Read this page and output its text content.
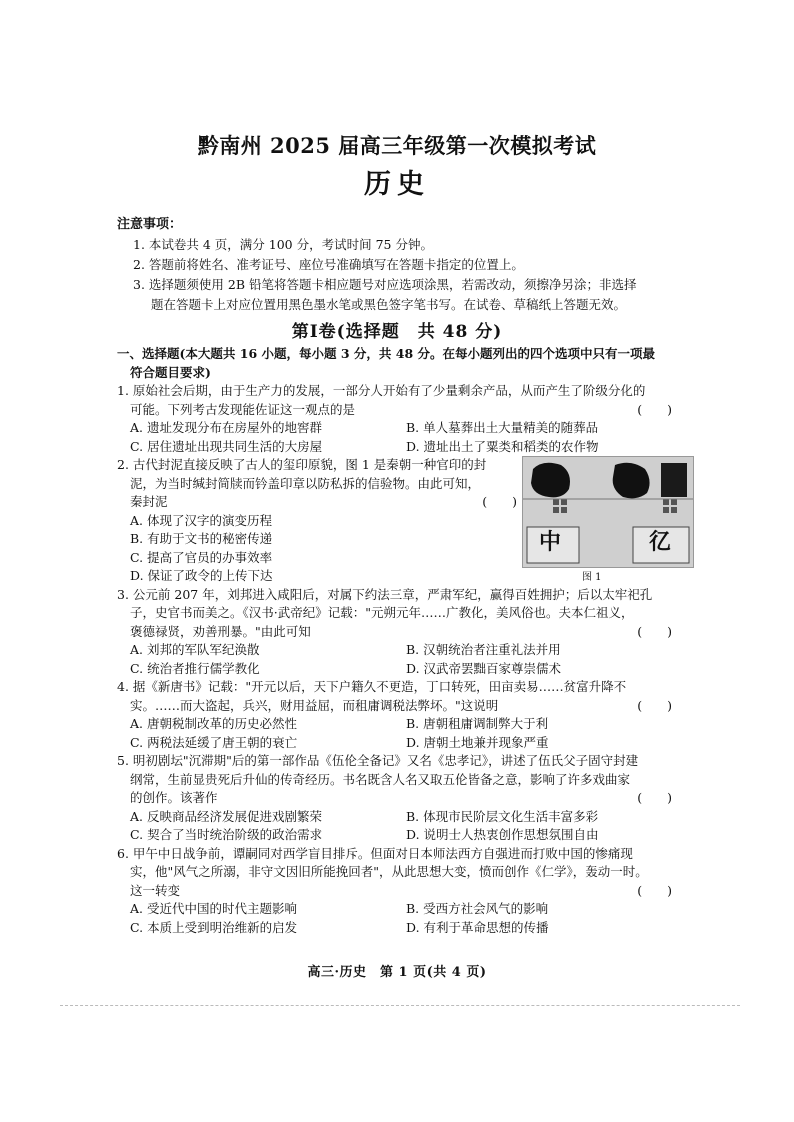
黔南州 2025 届高三年级第一次模拟考试
历史
注意事项：
1. 本试卷共 4 页，满分 100 分，考试时间 75 分钟。
2. 答题前将姓名、准考证号、座位号准确填写在答题卡指定的位置上。
3. 选择题须使用 2B 铅笔将答题卡相应题号对应选项涂黑，若需改动，须擦净另涂；非选择
题在答题卡上对应位置用黑色墨水笔或黑色签字笔书写。在试卷、草稿纸上答题无效。
第Ⅰ卷(选择题　共 48 分)
一、选择题(本大题共 16 小题，每小题 3 分，共 48 分。在每小题列出的四个选项中只有一项最
符合题目要求)
1. 原始社会后期，由于生产力的发展，一部分人开始有了少量剩余产品，从而产生了阶级分化的
可能。下列考古发现能佐证这一观点的是	(　　)
A. 遗址发现分布在房屋外的地窖群	B. 单人墓葬出土大量精美的随葬品
C. 居住遗址出现共同生活的大房屋	D. 遗址出土了粟类和稻类的农作物
2. 古代封泥直接反映了古人的玺印原貌，图 1 是秦朝一种官印的封
泥，为当时缄封简牍而钤盖印章以防私拆的信验物。由此可知，
秦封泥	(　　)
A. 体现了汉字的演变历程
B. 有助于文书的秘密传递
C. 提高了官员的办事效率
D. 保证了政令的上传下达
中	𢒼
图 1
3. 公元前 207 年，刘邦进入咸阳后，对属下约法三章，严肃军纪，赢得百姓拥护；后以太牢祀孔
子，史官书而美之。《汉书·武帝纪》记载："元朔元年……广教化，美风俗也。夫本仁祖义，
褒德禄贤，劝善刑暴。"由此可知	(　　)
A. 刘邦的军队军纪涣散	B. 汉朝统治者注重礼法并用
C. 统治者推行儒学教化	D. 汉武帝罢黜百家尊崇儒术
4. 据《新唐书》记载："开元以后，天下户籍久不更造，丁口转死，田亩卖易……贫富升降不
实。……而大盗起，兵兴，财用益屈，而租庸调税法弊坏。"这说明	(　　)
A. 唐朝税制改革的历史必然性	B. 唐朝租庸调制弊大于利
C. 两税法延缓了唐王朝的衰亡	D. 唐朝土地兼并现象严重
5. 明初剧坛"沉滞期"后的第一部作品《伍伦全备记》又名《忠孝记》，讲述了伍氏父子固守封建
纲常，生前显贵死后升仙的传奇经历。书名既含人名又取五伦皆备之意，影响了许多戏曲家
的创作。该著作	(　　)
A. 反映商品经济发展促进戏剧繁荣	B. 体现市民阶层文化生活丰富多彩
C. 契合了当时统治阶级的政治需求	D. 说明士人热衷创作思想氛围自由
6. 甲午中日战争前，谭嗣同对西学盲目排斥。但面对日本师法西方自强进而打败中国的惨痛现
实，他"风气之所溺，非守文因旧所能挽回者"，从此思想大变，愤而创作《仁学》，轰动一时。
这一转变	(　　)
A. 受近代中国的时代主题影响	B. 受西方社会风气的影响
C. 本质上受到明治维新的启发	D. 有利于革命思想的传播
高三·历史　第 1 页(共 4 页)
